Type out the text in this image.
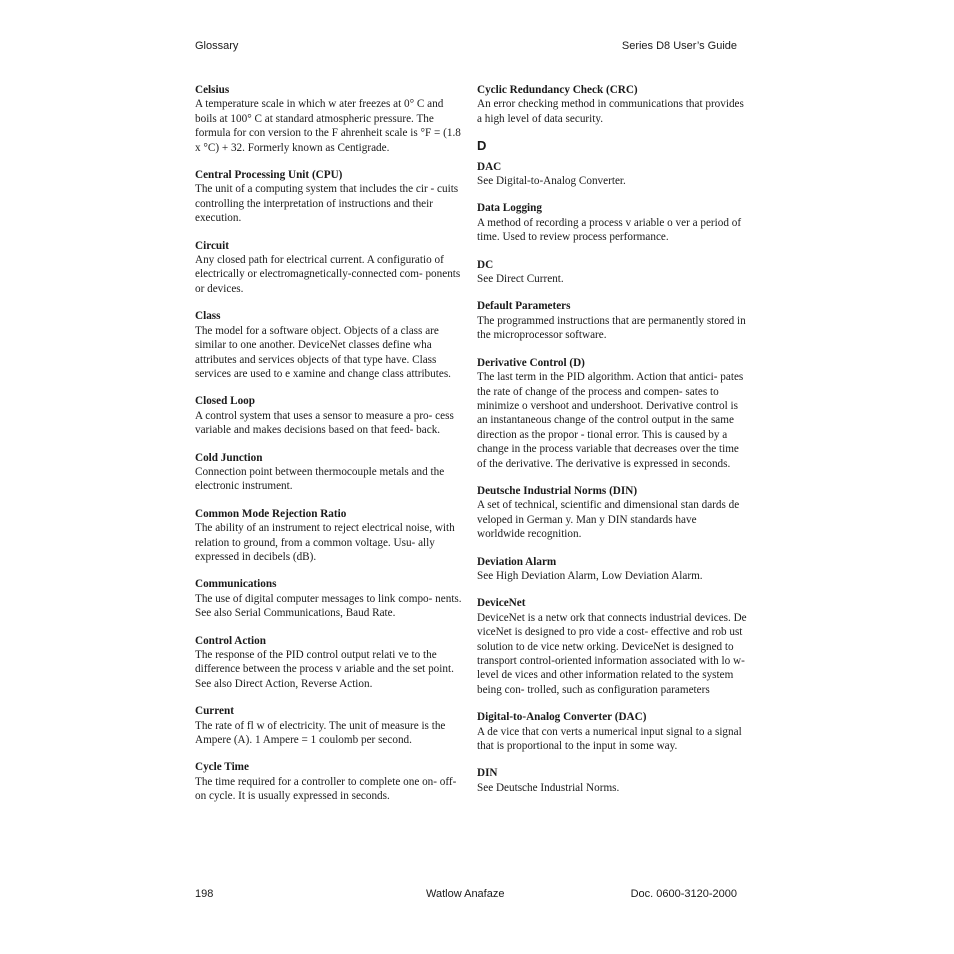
Glossary	Series D8 User’s Guide
Celsius
A temperature scale in which w ater freezes at 0° C and boils at 100° C at standard atmospheric pressure. The formula for con version to the F ahrenheit scale is °F = (1.8 x °C) + 32. Formerly known as Centigrade.
Central Processing Unit (CPU)
The unit of a computing system that includes the cir - cuits controlling the interpretation of instructions and their execution.
Circuit
Any closed path for electrical current. A configuratio of electrically or electromagnetically-connected com- ponents or devices.
Class
The model for a software object. Objects of a class are similar to one another. DeviceNet classes define wha attributes and services objects of that type have. Class services are used to e xamine and change class attributes.
Closed Loop
A control system that uses a sensor to measure a pro- cess variable and makes decisions based on that feed- back.
Cold Junction
Connection point between thermocouple metals and the electronic instrument.
Common Mode Rejection Ratio
The ability of an instrument to reject electrical noise, with relation to ground, from a common voltage. Usu- ally expressed in decibels (dB).
Communications
The use of digital computer messages to link compo- nents. See also Serial Communications, Baud Rate.
Control Action
The response of the PID control output relati ve to the difference between the process v ariable and the set point. See also Direct Action, Reverse Action.
Current
The rate of fl w of electricity. The unit of measure is the Ampere (A). 1 Ampere = 1 coulomb per second.
Cycle Time
The time required for a controller to complete one on- off-on cycle. It is usually expressed in seconds.
Cyclic Redundancy Check (CRC)
An error checking method in communications that provides a high level of data security.
D
DAC
See Digital-to-Analog Converter.
Data Logging
A method of recording a process v ariable o ver a period of time. Used to review process performance.
DC
See Direct Current.
Default Parameters
The programmed instructions that are permanently stored in the microprocessor software.
Derivative Control (D)
The last term in the PID algorithm. Action that antici- pates the rate of change of the process and compen- sates to minimize o vershoot and undershoot. Derivative control is an instantaneous change of the control output in the same direction as the propor - tional error. This is caused by a change in the process variable that decreases over the time of the derivative. The derivative is expressed in seconds.
Deutsche Industrial Norms (DIN)
A set of technical, scientific and dimensional stan dards de veloped in German y. Man y DIN standards have worldwide recognition.
Deviation Alarm
See High Deviation Alarm, Low Deviation Alarm.
DeviceNet
DeviceNet is a netw ork that connects industrial devices. De viceNet is designed to pro vide a cost- effective and rob ust solution to de vice netw orking. DeviceNet is designed to transport control-oriented information associated with lo w-level de vices and other information related to the system being con- trolled, such as configuration parameters
Digital-to-Analog Converter (DAC)
A de vice that con verts a numerical input signal to a signal that is proportional to the input in some way.
DIN
See Deutsche Industrial Norms.
198	Watlow Anafaze	Doc. 0600-3120-2000
